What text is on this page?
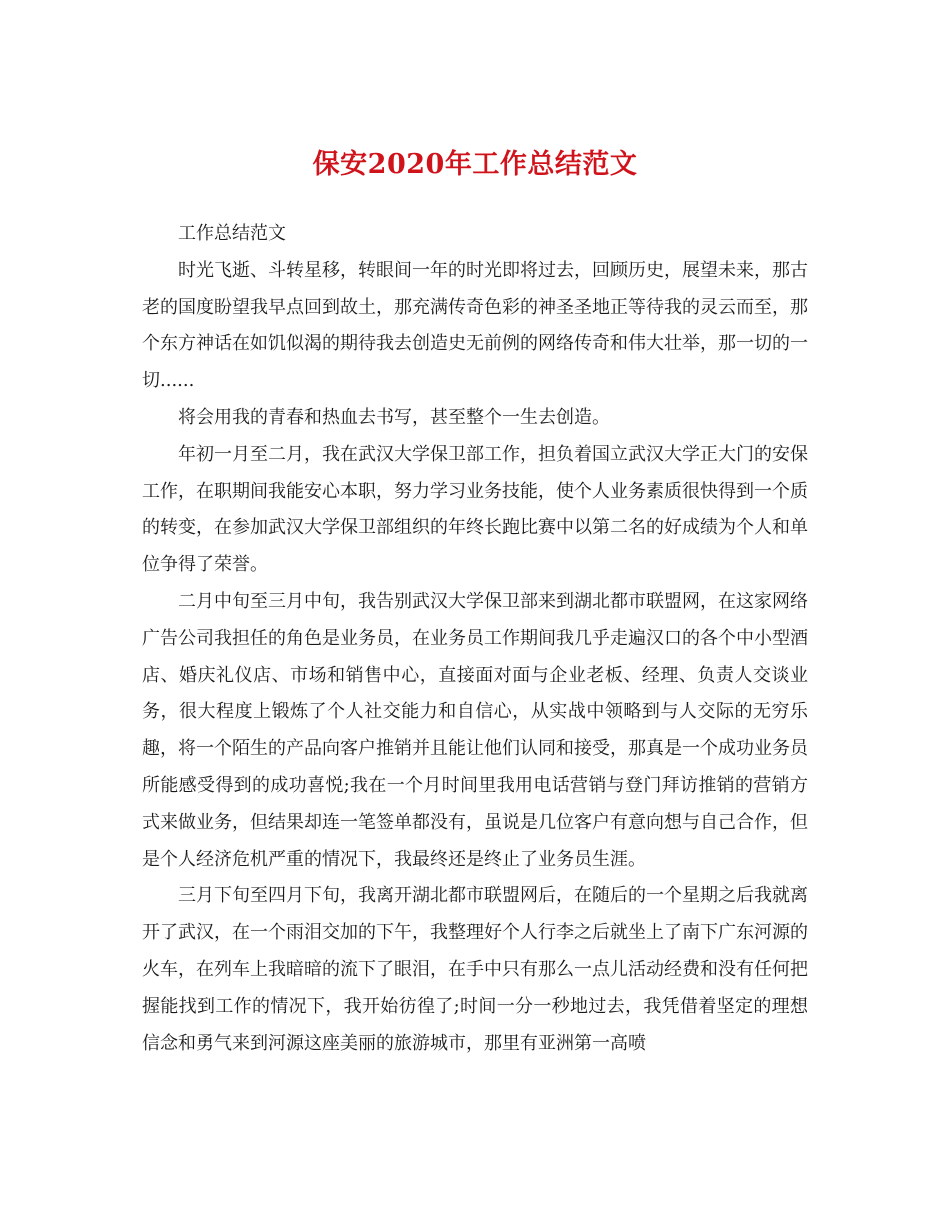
保安2020年工作总结范文

工作总结范文

时光飞逝、斗转星移，转眼间一年的时光即将过去，回顾历史，展望未来，那古老的国度盼望我早点回到故土，那充满传奇色彩的神圣圣地正等待我的灵云而至，那个东方神话在如饥似渴的期待我去创造史无前例的网络传奇和伟大壮举，那一切的一切......

将会用我的青春和热血去书写，甚至整个一生去创造。

年初一月至二月，我在武汉大学保卫部工作，担负着国立武汉大学正大门的安保工作，在职期间我能安心本职，努力学习业务技能，使个人业务素质很快得到一个质的转变，在参加武汉大学保卫部组织的年终长跑比赛中以第二名的好成绩为个人和单位争得了荣誉。

二月中旬至三月中旬，我告别武汉大学保卫部来到湖北都市联盟网，在这家网络广告公司我担任的角色是业务员，在业务员工作期间我几乎走遍汉口的各个中小型酒店、婚庆礼仪店、市场和销售中心，直接面对面与企业老板、经理、负责人交谈业务，很大程度上锻炼了个人社交能力和自信心，从实战中领略到与人交际的无穷乐趣，将一个陌生的产品向客户推销并且能让他们认同和接受，那真是一个成功业务员所能感受得到的成功喜悦;我在一个月时间里我用电话营销与登门拜访推销的营销方式来做业务，但结果却连一笔签单都没有，虽说是几位客户有意向想与自己合作，但是个人经济危机严重的情况下，我最终还是终止了业务员生涯。

三月下旬至四月下旬，我离开湖北都市联盟网后，在随后的一个星期之后我就离开了武汉，在一个雨泪交加的下午，我整理好个人行李之后就坐上了南下广东河源的火车，在列车上我暗暗的流下了眼泪，在手中只有那么一点儿活动经费和没有任何把握能找到工作的情况下，我开始彷徨了;时间一分一秒地过去，我凭借着坚定的理想信念和勇气来到河源这座美丽的旅游城市，那里有亚洲第一高喷
